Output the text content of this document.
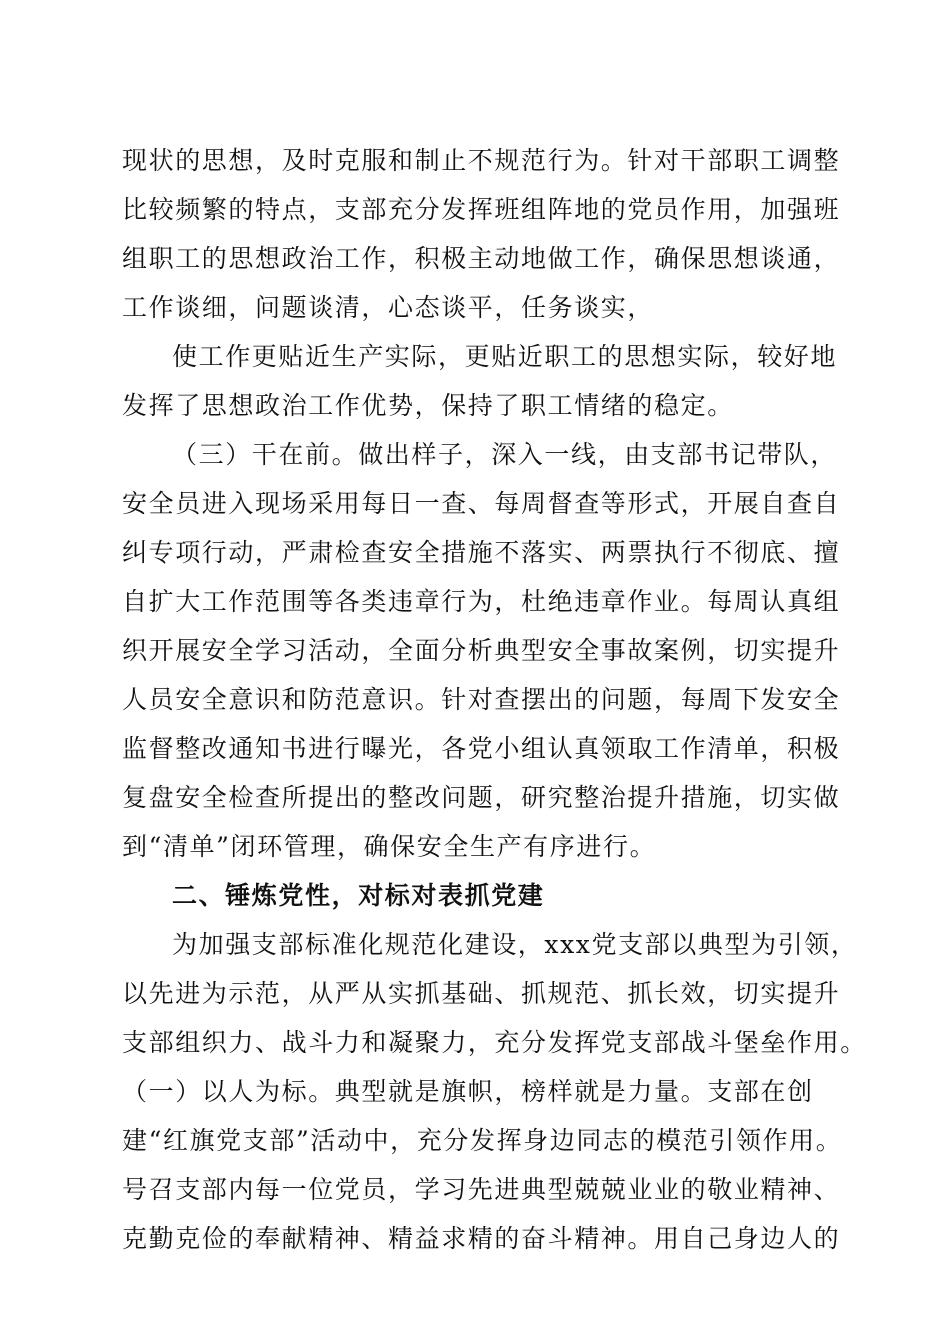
现状的思想，及时克服和制止不规范行为。针对干部职工调整
比较频繁的特点，支部充分发挥班组阵地的党员作用，加强班
组职工的思想政治工作，积极主动地做工作，确保思想谈通，
工作谈细，问题谈清，心态谈平，任务谈实，
使工作更贴近生产实际，更贴近职工的思想实际，较好地
发挥了思想政治工作优势，保持了职工情绪的稳定。
（三）干在前。做出样子，深入一线，由支部书记带队，
安全员进入现场采用每日一查、每周督查等形式，开展自查自
纠专项行动，严肃检查安全措施不落实、两票执行不彻底、擅
自扩大工作范围等各类违章行为，杜绝违章作业。每周认真组
织开展安全学习活动，全面分析典型安全事故案例，切实提升
人员安全意识和防范意识。针对查摆出的问题，每周下发安全
监督整改通知书进行曝光，各党小组认真领取工作清单，积极
复盘安全检查所提出的整改问题，研究整治提升措施，切实做
到“清单”闭环管理，确保安全生产有序进行。
二、锤炼党性，对标对表抓党建
为加强支部标准化规范化建设，xxx党支部以典型为引领，
以先进为示范，从严从实抓基础、抓规范、抓长效，切实提升
支部组织力、战斗力和凝聚力，充分发挥党支部战斗堡垒作用。
（一）以人为标。典型就是旗帜，榜样就是力量。支部在创
建“红旗党支部”活动中，充分发挥身边同志的模范引领作用。
号召支部内每一位党员，学习先进典型兢兢业业的敬业精神、
克勤克俭的奉献精神、精益求精的奋斗精神。用自己身边人的
